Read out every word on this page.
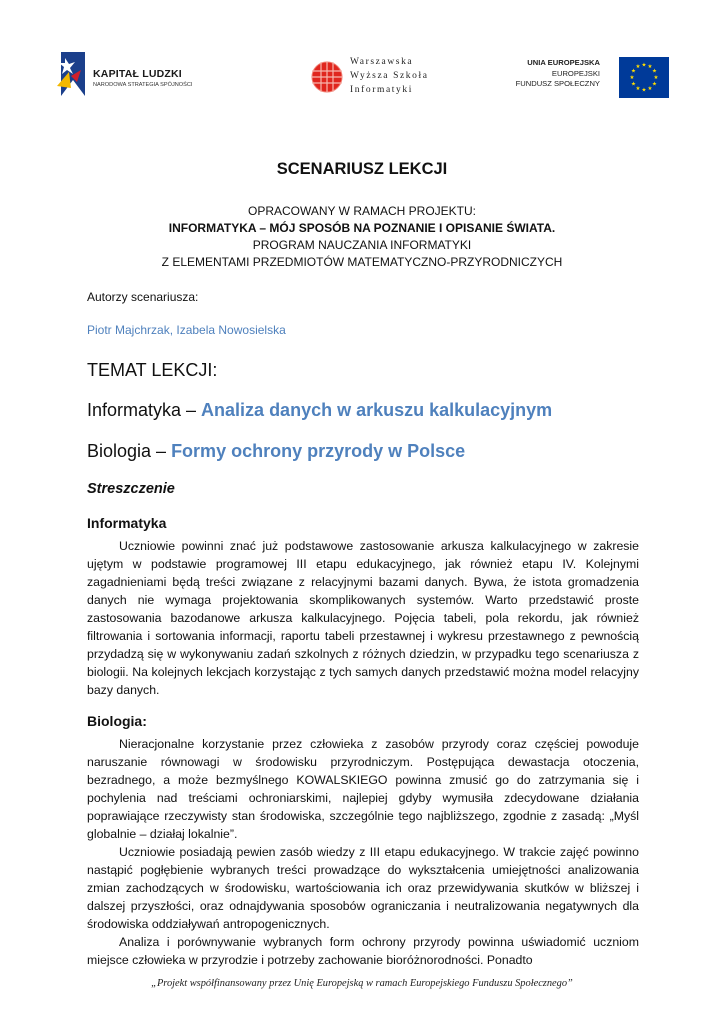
KAPITAŁ LUDZKI
NARODOWA STRATEGIA SPÓJNOŚCI
Warszawska
Wyższa Szkoła
Informatyki
UNIA EUROPEJSKA
EUROPEJSKI
FUNDUSZ SPOŁECZNY
★ ★
★
★
★
★
★
★
★
★
★
★
SCENARIUSZ LEKCJI
OPRACOWANY W RAMACH PROJEKTU:
INFORMATYKA – MÓJ SPOSÓB NA POZNANIE I OPISANIE ŚWIATA.
PROGRAM NAUCZANIA INFORMATYKI
Z ELEMENTAMI PRZEDMIOTÓW MATEMATYCZNO-PRZYRODNICZYCH
Autorzy scenariusza:
Piotr Majchrzak, Izabela Nowosielska
TEMAT LEKCJI:
Informatyka – Analiza danych w arkuszu kalkulacyjnym
Biologia – Formy ochrony przyrody w Polsce
Streszczenie
Informatyka

Uczniowie powinni znać już podstawowe zastosowanie arkusza kalkulacyjnego w zakresie ujętym w podstawie programowej III etapu edukacyjnego, jak również etapu IV. Kolejnymi zagadnieniami będą treści związane z relacyjnymi bazami danych. Bywa, że istota gromadzenia danych nie wymaga projektowania skomplikowanych systemów. Warto przedstawić proste zastosowania bazodanowe arkusza kalkulacyjnego. Pojęcia tabeli, pola rekordu, jak również filtrowania i sortowania informacji, raportu tabeli przestawnej i wykresu przestawnego z pewnością przydadzą się w wykonywaniu zadań szkolnych z różnych dziedzin, w przypadku tego scenariusza z biologii. Na kolejnych lekcjach korzystając z tych samych danych przedstawić można model relacyjny bazy danych.

Biologia:

Nieracjonalne korzystanie przez człowieka z zasobów przyrody coraz częściej powoduje naruszanie równowagi w środowisku przyrodniczym. Postępująca dewastacja otoczenia, bezradnego, a może bezmyślnego KOWALSKIEGO powinna zmusić go do zatrzymania się i pochylenia nad treściami ochroniarskimi, najlepiej gdyby wymusiła zdecydowane działania poprawiające rzeczywisty stan środowiska, szczególnie tego najbliższego, zgodnie z zasadą: „Myśl globalnie – działaj lokalnie”.

Uczniowie posiadają pewien zasób wiedzy z III etapu edukacyjnego. W trakcie zajęć powinno nastąpić pogłębienie wybranych treści prowadzące do wykształcenia umiejętności analizowania zmian zachodzących w środowisku, wartościowania ich oraz przewidywania skutków w bliższej i dalszej przyszłości, oraz odnajdywania sposobów ograniczania i neutralizowania negatywnych dla środowiska oddziaływań antropogenicznych.

Analiza i porównywanie wybranych form ochrony przyrody powinna uświadomić uczniom miejsce człowieka w przyrodzie i potrzeby zachowanie bioróżnorodności. Ponadto

„Projekt współfinansowany przez Unię Europejską w ramach Europejskiego Funduszu Społecznego”
